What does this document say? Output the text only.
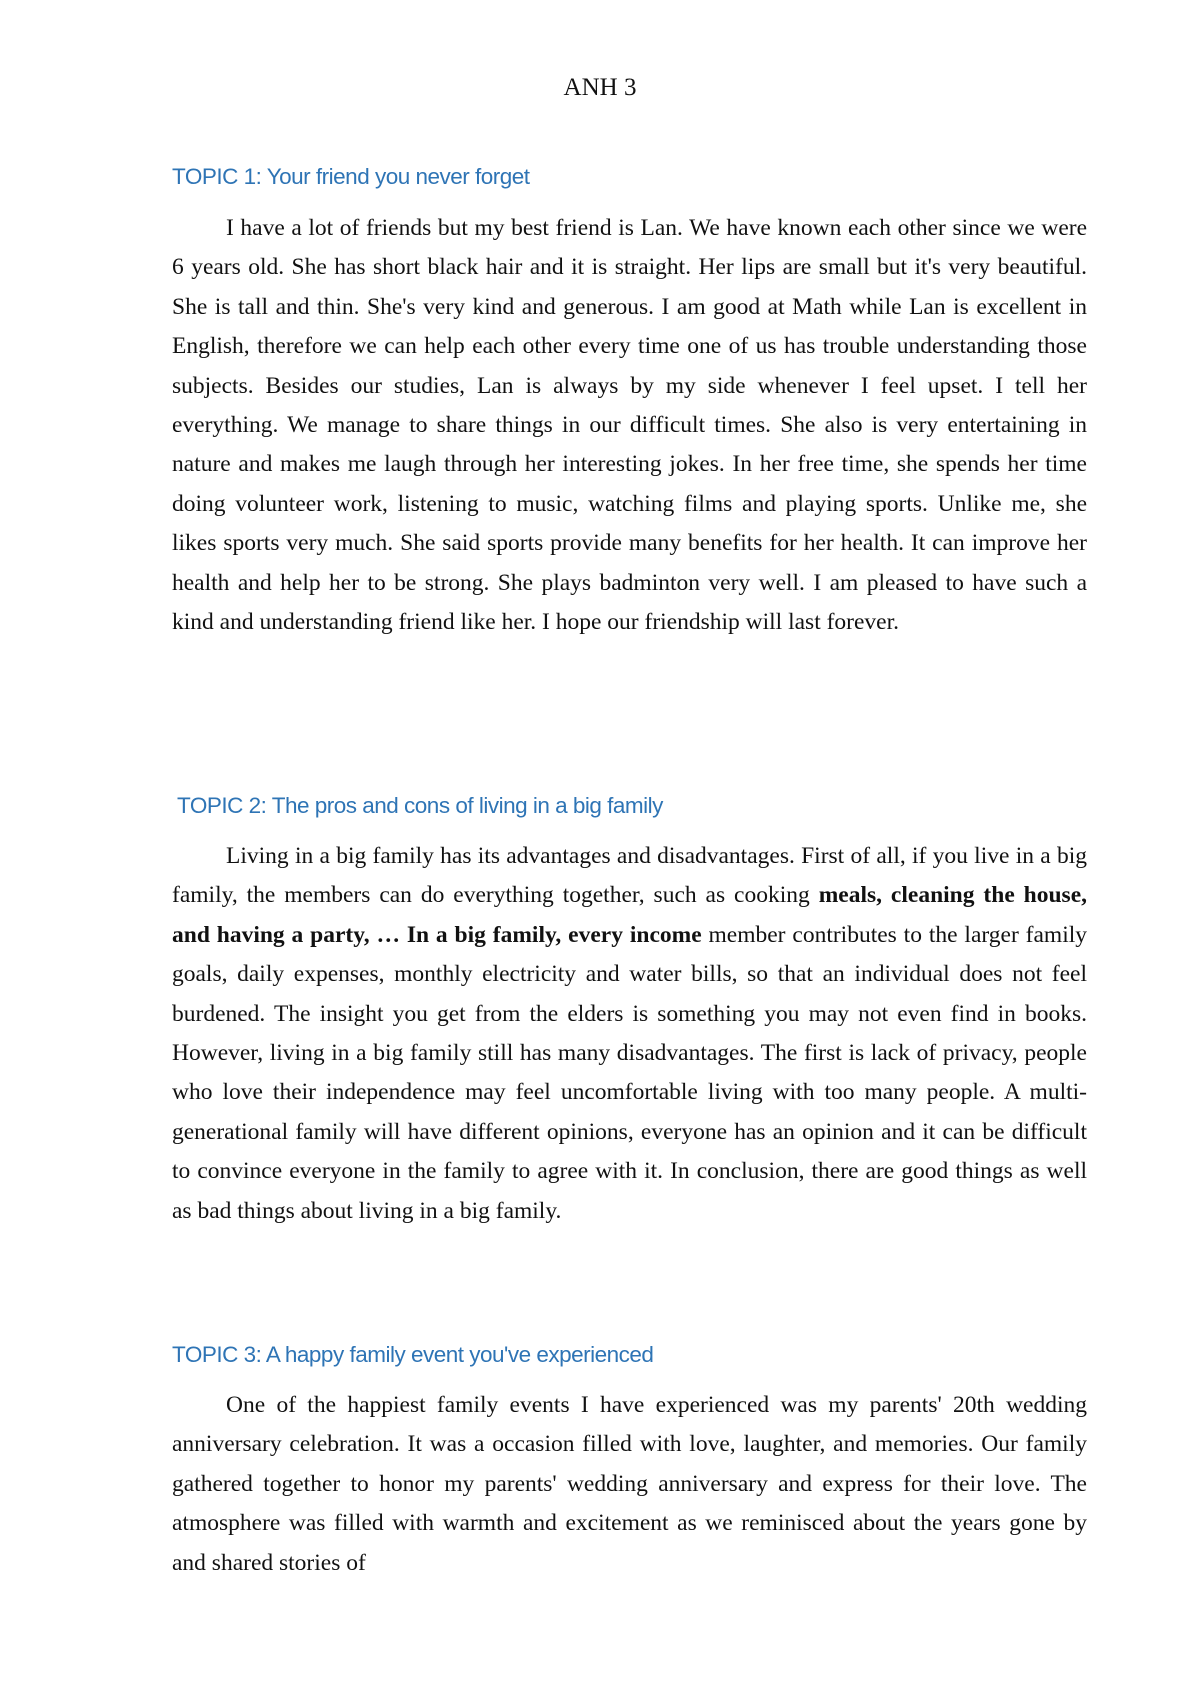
ANH 3
TOPIC 1: Your friend you never forget

I have a lot of friends but my best friend is Lan. We have known each other since we were 6 years old. She has short black hair and it is straight. Her lips are small but it's very beautiful. She is tall and thin. She's very kind and generous. I am good at Math while Lan is excellent in English, therefore we can help each other every time one of us has trouble understanding those subjects. Besides our studies, Lan is always by my side whenever I feel upset. I tell her everything. We manage to share things in our difficult times. She also is very entertaining in nature and makes me laugh through her interesting jokes. In her free time, she spends her time doing volunteer work, listening to music, watching films and playing sports. Unlike me, she likes sports very much. She said sports provide many benefits for her health. It can improve her health and help her to be strong. She plays badminton very well. I am pleased to have such a kind and understanding friend like her. I hope our friendship will last forever.

TOPIC 2: The pros and cons of living in a big family

Living in a big family has its advantages and disadvantages. First of all, if you live in a big family, the members can do everything together, such as cooking meals, cleaning the house, and having a party, … In a big family, every income member contributes to the larger family goals, daily expenses, monthly electricity and water bills, so that an individual does not feel burdened. The insight you get from the elders is something you may not even find in books. However, living in a big family still has many disadvantages. The first is lack of privacy, people who love their independence may feel uncomfortable living with too many people. A multi-generational family will have different opinions, everyone has an opinion and it can be difficult to convince everyone in the family to agree with it. In conclusion, there are good things as well as bad things about living in a big family.

TOPIC 3: A happy family event you've experienced

One of the happiest family events I have experienced was my parents' 20th wedding anniversary celebration. It was a occasion filled with love, laughter, and memories. Our family gathered together to honor my parents' wedding anniversary and express for their love. The atmosphere was filled with warmth and excitement as we reminisced about the years gone by and shared stories of
